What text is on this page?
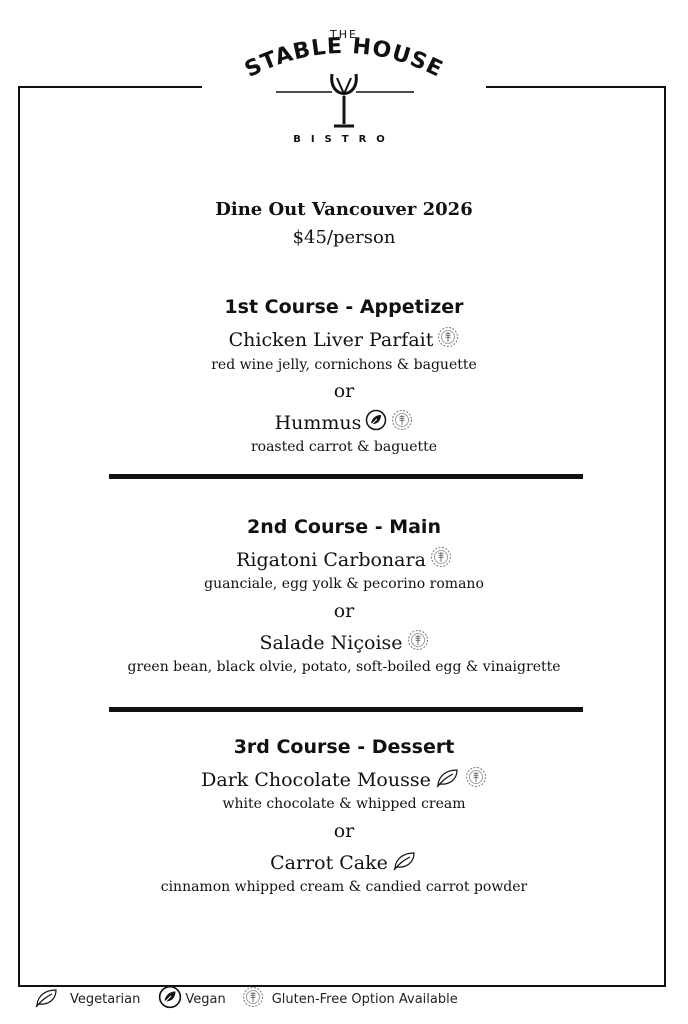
THE
STABLE HOUSE
BISTRO
Dine Out Vancouver 2026
$45/person
1st Course - Appetizer
Chicken Liver Parfait
red wine jelly, cornichons & baguette
or
Hummus
roasted carrot & baguette
2nd Course - Main
Rigatoni Carbonara
guanciale, egg yolk & pecorino romano
or
Salade Niçoise
green bean, black olvie, potato, soft-boiled egg & vinaigrette
3rd Course - Dessert
Dark Chocolate Mousse
white chocolate & whipped cream
or
Carrot Cake
cinnamon whipped cream & candied carrot powder
Vegetarian	Vegan	Gluten-Free Option Available
